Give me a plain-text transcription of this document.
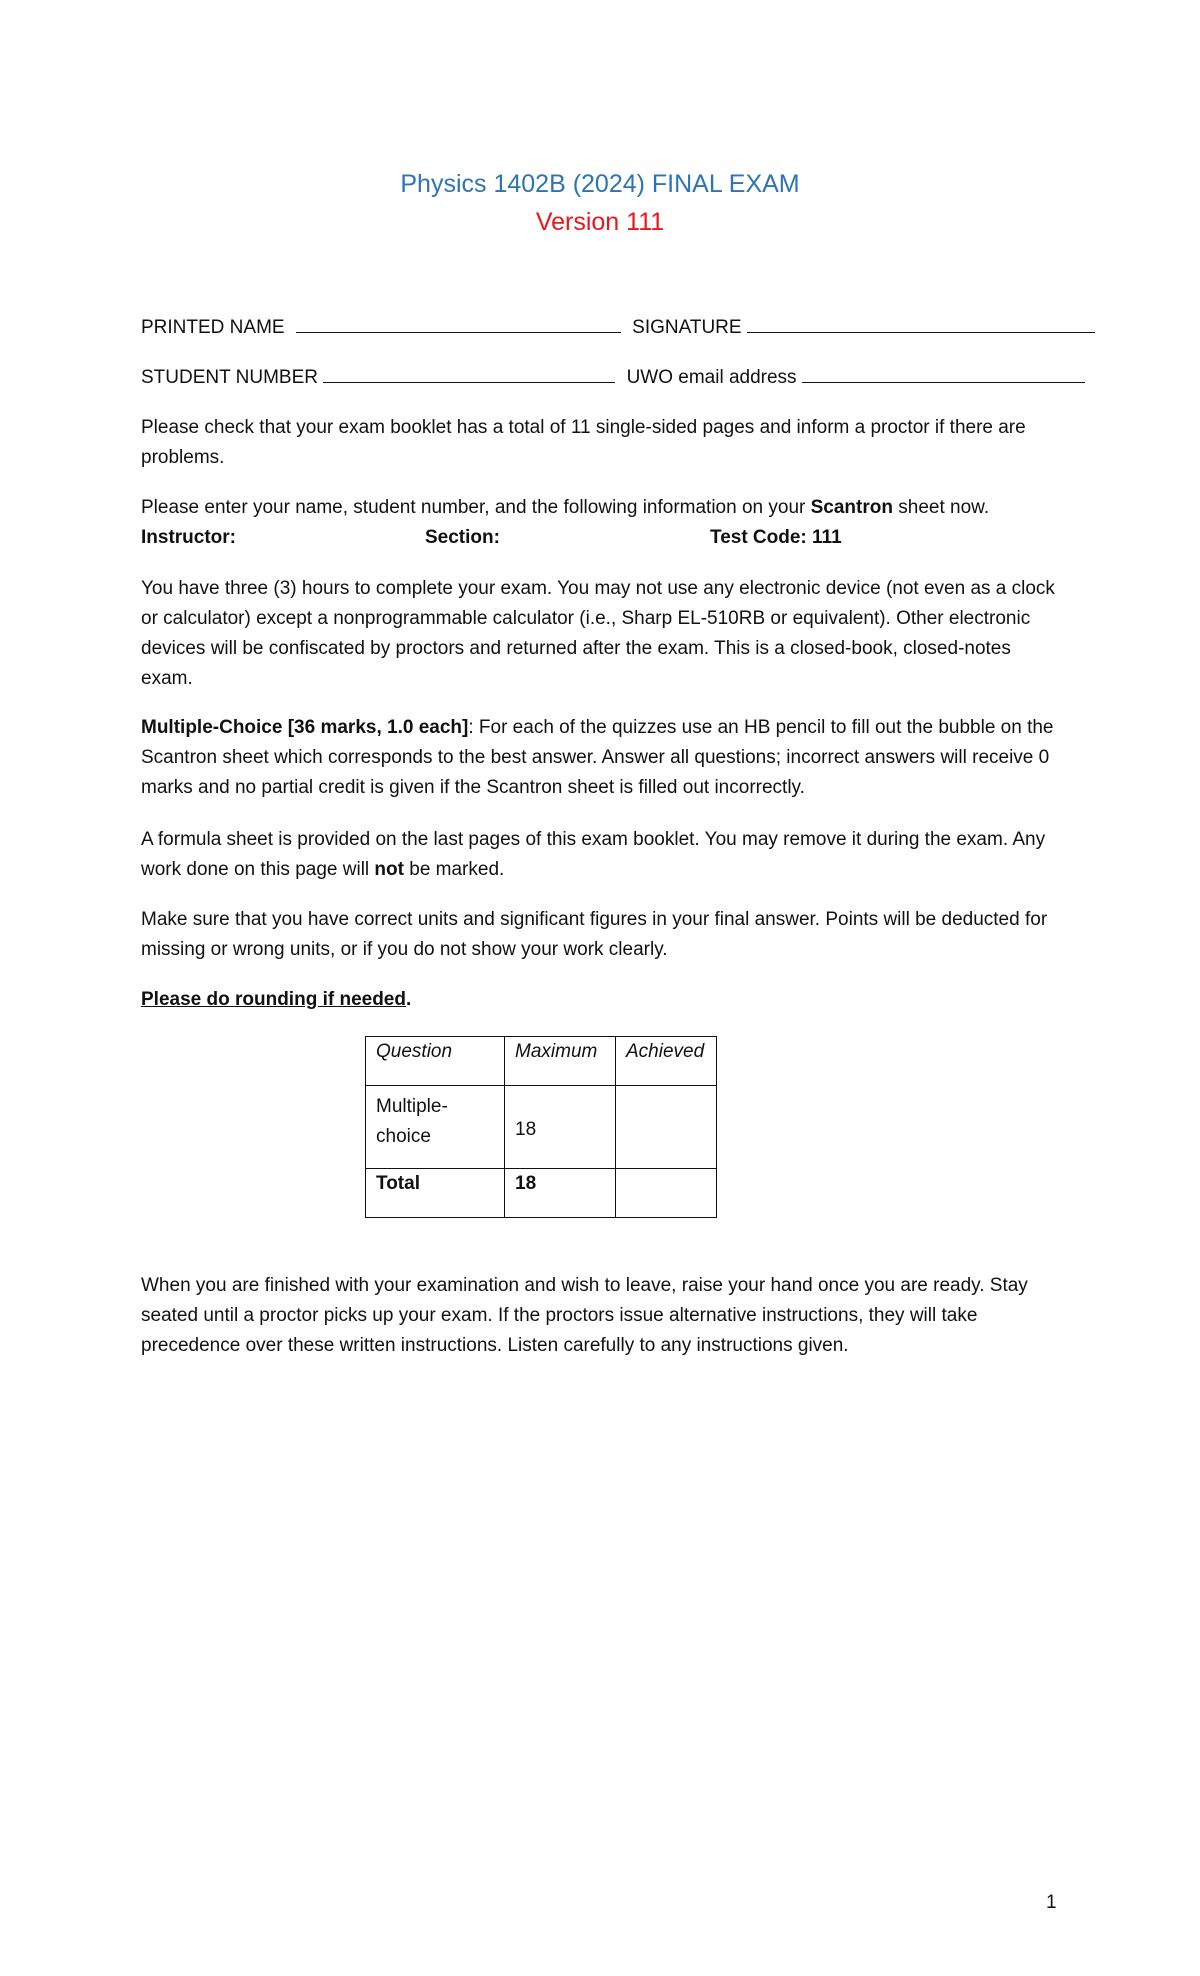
Physics 1402B (2024) FINAL EXAM
Version 111
PRINTED NAME	SIGNATURE
STUDENT NUMBER	UWO email address

Please check that your exam booklet has a total of 11 single-sided pages and inform a proctor if there are problems.

Please enter your name, student number, and the following information on your Scantron sheet now.

Instructor:	Section:	Test Code: 111

You have three (3) hours to complete your exam. You may not use any electronic device (not even as a clock or calculator) except a nonprogrammable calculator (i.e., Sharp EL-510RB or equivalent). Other electronic devices will be confiscated by proctors and returned after the exam. This is a closed-book, closed-notes exam.

Multiple-Choice [36 marks, 1.0 each]: For each of the quizzes use an HB pencil to fill out the bubble on the Scantron sheet which corresponds to the best answer. Answer all questions; incorrect answers will receive 0 marks and no partial credit is given if the Scantron sheet is filled out incorrectly.

A formula sheet is provided on the last pages of this exam booklet. You may remove it during the exam. Any work done on this page will not be marked.

Make sure that you have correct units and significant figures in your final answer. Points will be deducted for missing or wrong units, or if you do not show your work clearly.

Please do rounding if needed.

Question	Maximum	Achieved
Multiple-
choice	18	
Total	18	

When you are finished with your examination and wish to leave, raise your hand once you are ready. Stay seated until a proctor picks up your exam. If the proctors issue alternative instructions, they will take precedence over these written instructions. Listen carefully to any instructions given.

1
